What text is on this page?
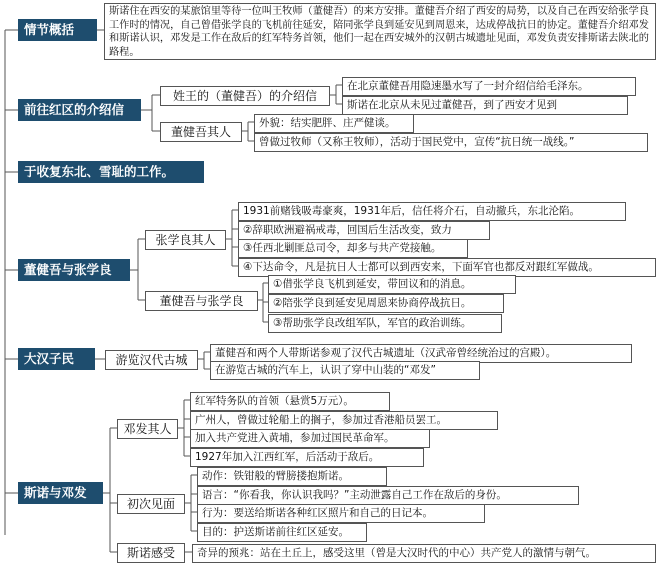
情节概括
前往红区的介绍信
于收复东北、雪耻的工作。
董健吾与张学良
大汉子民
斯诺与邓发
斯诺住在西安的某旅馆里等待一位叫王牧师（董健吾）的来方安排。董健吾介绍了西安的局势，以及自己在西安给张学良工作时的情况，自己曾借张学良的飞机前往延安，陪同张学良到延安见到周恩来，达成停战抗日的协定。董健吾介绍邓发和斯诺认识，邓发是工作在敌后的红军特务首领，他们一起在西安城外的汉朝古城遗址见面，邓发负责安排斯诺去陕北的路程。
姓王的（董健吾）的介绍信
在北京董健吾用隐速墨水写了一封介绍信给毛泽东。
斯诺在北京从未见过董健吾，到了西安才见到
董健吾其人
外貌：结实肥胖、庄严健谈。
曾做过牧师（又称王牧师），活动于国民党中，宣传“抗日统一战线。”
张学良其人
1931前赌钱吸毒豪爽，1931年后，信任将介石，自动撤兵，东北沦陷。
②辞职欧洲避祸戒毒，回国后生活改变，致力
③任西北剿匪总司令，却多与共产党接触。
④下达命令，凡是抗日人士都可以到西安来，下面军官也都反对跟红军做战。
董健吾与张学良
①借张学良飞机到延安，带回议和的消息。
②陪张学良到延安见周恩来协商停战抗日。
③帮助张学良改组军队，军官的政治训练。
游览汉代古城	董健吾和两个人带斯诺参观了汉代古城遗址（汉武帝曾经统治过的宫殿）。
在游览古城的汽车上，认识了穿中山装的“邓发”
邓发其人
红军特务队的首领（悬赏5万元）。
广州人，曾做过轮船上的搁子，参加过香港船员罢工。
加入共产党进入黄埔，参加过国民革命军。
1927年加入江西红军，后活动于敌后。
初次见面
动作：铁钳般的臂膀搂抱斯诺。
语言：“你看我，你认识我吗？”主动泄露自己工作在敌后的身份。
行为：要送给斯诺各种红区照片和自己的日记本。
目的：护送斯诺前往红区延安。
斯诺感受	奇异的预兆：站在土丘上，感受这里（曾是大汉时代的中心）共产党人的激情与朝气。
